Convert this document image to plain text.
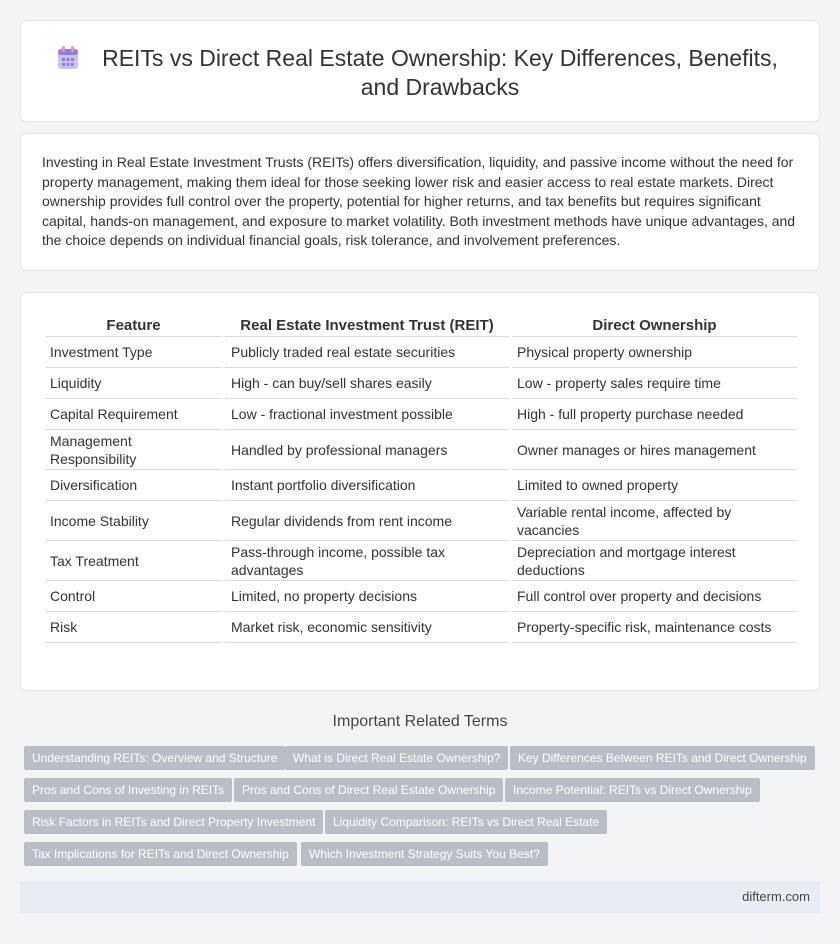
REITs vs Direct Real Estate Ownership: Key Differences, Benefits, and Drawbacks

Investing in Real Estate Investment Trusts (REITs) offers diversification, liquidity, and passive income without the need for property management, making them ideal for those seeking lower risk and easier access to real estate markets. Direct ownership provides full control over the property, potential for higher returns, and tax benefits but requires significant capital, hands-on management, and exposure to market volatility. Both investment methods have unique advantages, and the choice depends on individual financial goals, risk tolerance, and involvement preferences.

Feature	Real Estate Investment Trust (REIT)	Direct Ownership
Investment Type	Publicly traded real estate securities	Physical property ownership
Liquidity	High - can buy/sell shares easily	Low - property sales require time
Capital Requirement	Low - fractional investment possible	High - full property purchase needed
Management Responsibility	Handled by professional managers	Owner manages or hires management
Diversification	Instant portfolio diversification	Limited to owned property
Income Stability	Regular dividends from rent income	Variable rental income, affected by vacancies
Tax Treatment	Pass-through income, possible tax advantages	Depreciation and mortgage interest deductions
Control	Limited, no property decisions	Full control over property and decisions
Risk	Market risk, economic sensitivity	Property-specific risk, maintenance costs
Important Related Terms
Understanding REITs: Overview and Structure	What is Direct Real Estate Ownership?	Key Differences Between REITs and Direct Ownership
Pros and Cons of Investing in REITs	Pros and Cons of Direct Real Estate Ownership	Income Potential: REITs vs Direct Ownership
Risk Factors in REITs and Direct Property Investment	Liquidity Comparison: REITs vs Direct Real Estate
Tax Implications for REITs and Direct Ownership	Which Investment Strategy Suits You Best?
difterm.com
